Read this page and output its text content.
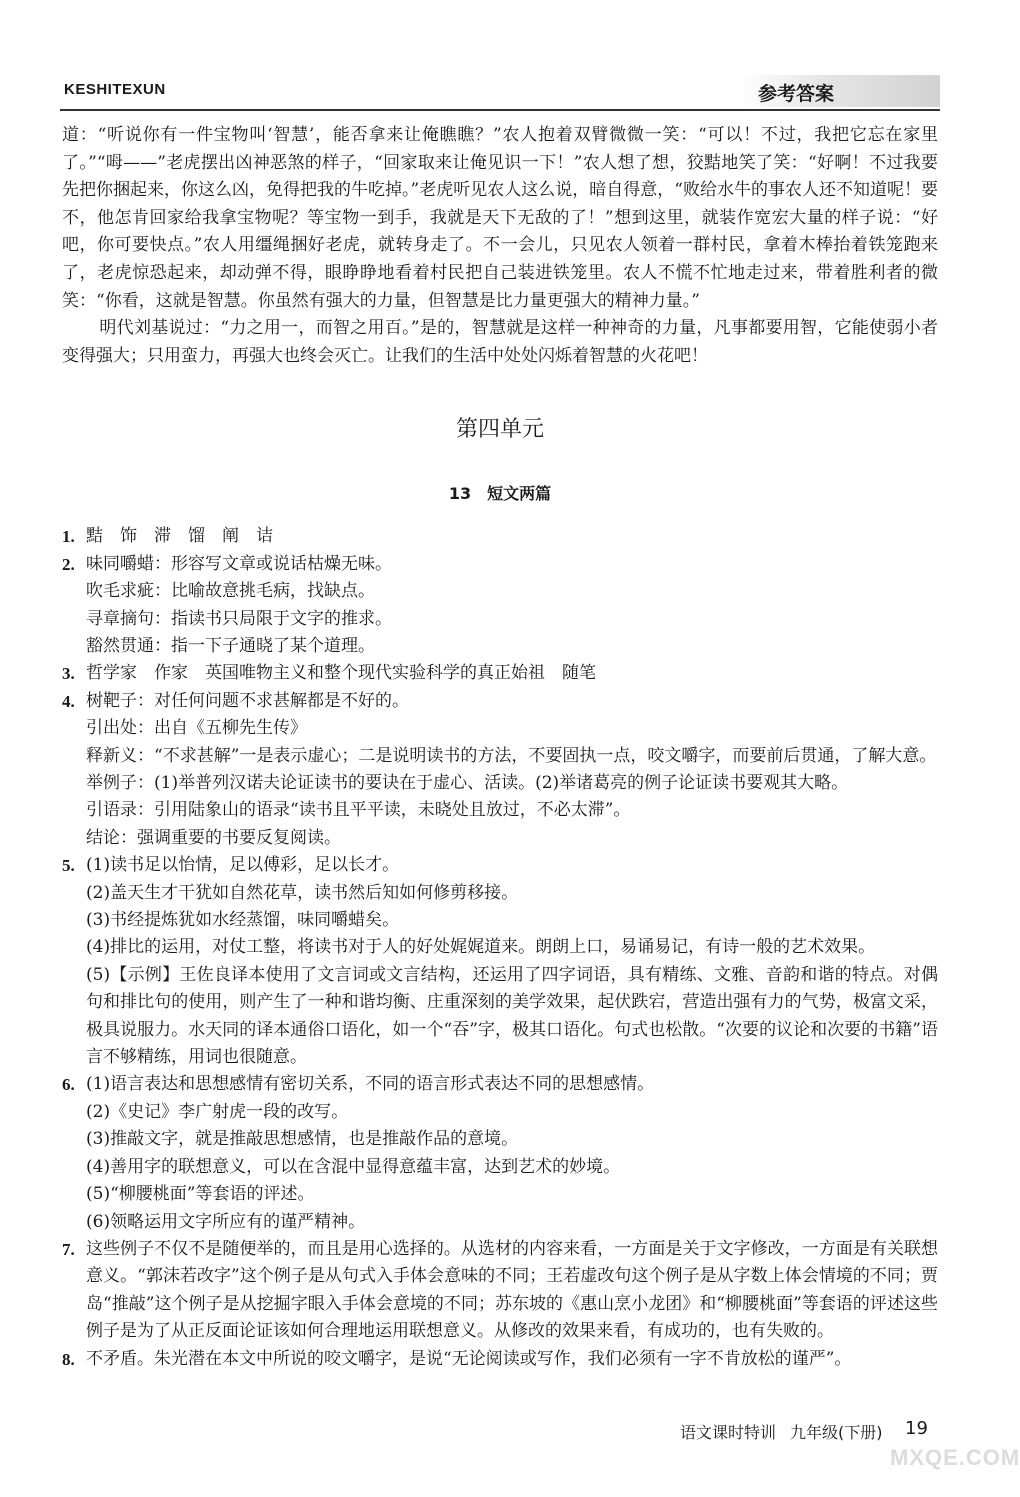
KESHITEXUN	参考答案

道：“听说你有一件宝物叫‘智慧’，能否拿来让俺瞧瞧？”农人抱着双臂微微一笑：“可以！不过，我把它忘在家里了。”“呣——”老虎摆出凶神恶煞的样子，“回家取来让俺见识一下！”农人想了想，狡黠地笑了笑：“好啊！不过我要先把你捆起来，你这么凶，免得把我的牛吃掉。”老虎听见农人这么说，暗自得意，“败给水牛的事农人还不知道呢！要不，他怎肯回家给我拿宝物呢？等宝物一到手，我就是天下无敌的了！”想到这里，就装作宽宏大量的样子说：“好吧，你可要快点。”农人用缰绳捆好老虎，就转身走了。不一会儿，只见农人领着一群村民，拿着木棒抬着铁笼跑来了，老虎惊恐起来，却动弹不得，眼睁睁地看着村民把自己装进铁笼里。农人不慌不忙地走过来，带着胜利者的微笑：“你看，这就是智慧。你虽然有强大的力量，但智慧是比力量更强大的精神力量。”

明代刘基说过：“力之用一，而智之用百。”是的，智慧就是这样一种神奇的力量，凡事都要用智，它能使弱小者变得强大；只用蛮力，再强大也终会灭亡。让我们的生活中处处闪烁着智慧的火花吧！

第四单元
13　短文两篇
1. 黠　饰　滞　馏　阐　诘

2. 味同嚼蜡：形容写文章或说话枯燥无味。

吹毛求疵：比喻故意挑毛病，找缺点。

寻章摘句：指读书只局限于文字的推求。

豁然贯通：指一下子通晓了某个道理。

3. 哲学家　作家　英国唯物主义和整个现代实验科学的真正始祖　随笔

4. 树靶子：对任何问题不求甚解都是不好的。

引出处：出自《五柳先生传》

释新义：“不求甚解”一是表示虚心；二是说明读书的方法，不要固执一点，咬文嚼字，而要前后贯通，了解大意。

举例子：(1)举普列汉诺夫论证读书的要诀在于虚心、活读。(2)举诸葛亮的例子论证读书要观其大略。

引语录：引用陆象山的语录“读书且平平读，未晓处且放过，不必太滞”。

结论：强调重要的书要反复阅读。

5. (1)读书足以怡情，足以傅彩，足以长才。

(2)盖天生才干犹如自然花草，读书然后知如何修剪移接。

(3)书经提炼犹如水经蒸馏，味同嚼蜡矣。

(4)排比的运用，对仗工整，将读书对于人的好处娓娓道来。朗朗上口，易诵易记，有诗一般的艺术效果。

(5)【示例】王佐良译本使用了文言词或文言结构，还运用了四字词语，具有精练、文雅、音韵和谐的特点。对偶句和排比句的使用，则产生了一种和谐均衡、庄重深刻的美学效果，起伏跌宕，营造出强有力的气势，极富文采，极具说服力。水天同的译本通俗口语化，如一个“吞”字，极其口语化。句式也松散。“次要的议论和次要的书籍”语言不够精练，用词也很随意。

6. (1)语言表达和思想感情有密切关系，不同的语言形式表达不同的思想感情。

(2)《史记》李广射虎一段的改写。

(3)推敲文字，就是推敲思想感情，也是推敲作品的意境。

(4)善用字的联想意义，可以在含混中显得意蕴丰富，达到艺术的妙境。

(5)“柳腰桃面”等套语的评述。

(6)领略运用文字所应有的谨严精神。

7. 这些例子不仅不是随便举的，而且是用心选择的。从选材的内容来看，一方面是关于文字修改，一方面是有关联想意义。“郭沫若改字”这个例子是从句式入手体会意味的不同；王若虚改句这个例子是从字数上体会情境的不同；贾岛“推敲”这个例子是从挖掘字眼入手体会意境的不同；苏东坡的《惠山烹小龙团》和“柳腰桃面”等套语的评述这些例子是为了从正反面论证该如何合理地运用联想意义。从修改的效果来看，有成功的，也有失败的。

8. 不矛盾。朱光潜在本文中所说的咬文嚼字，是说“无论阅读或写作，我们必须有一字不肯放松的谨严”。

语文课时特训 九年级(下册) 19
MXQE.COM
